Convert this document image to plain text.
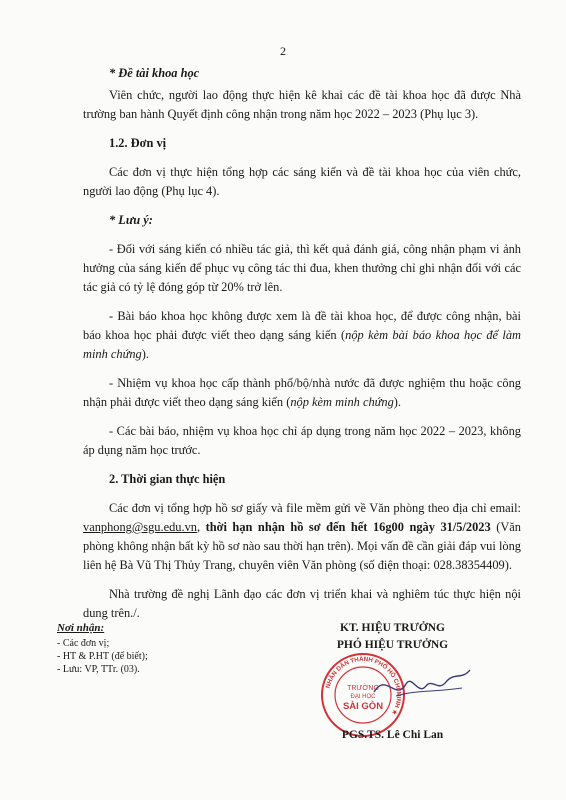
2

* Đề tài khoa học

Viên chức, người lao động thực hiện kê khai các đề tài khoa học đã được Nhà trường ban hành Quyết định công nhận trong năm học 2022 – 2023 (Phụ lục 3).

1.2. Đơn vị

Các đơn vị thực hiện tổng hợp các sáng kiến và đề tài khoa học của viên chức, người lao động (Phụ lục 4).

* Lưu ý:

- Đối với sáng kiến có nhiều tác giả, thì kết quả đánh giá, công nhận phạm vi ảnh hưởng của sáng kiến để phục vụ công tác thi đua, khen thưởng chỉ ghi nhận đối với các tác giả có tỷ lệ đóng góp từ 20% trở lên.

- Bài báo khoa học không được xem là đề tài khoa học, để được công nhận, bài báo khoa học phải được viết theo dạng sáng kiến (nộp kèm bài báo khoa học để làm minh chứng).

- Nhiệm vụ khoa học cấp thành phố/bộ/nhà nước đã được nghiệm thu hoặc công nhận phải được viết theo dạng sáng kiến (nộp kèm minh chứng).

- Các bài báo, nhiệm vụ khoa học chỉ áp dụng trong năm học 2022 – 2023, không áp dụng năm học trước.

2. Thời gian thực hiện

Các đơn vị tổng hợp hồ sơ giấy và file mềm gửi về Văn phòng theo địa chỉ email: vanphong@sgu.edu.vn, thời hạn nhận hồ sơ đến hết 16g00 ngày 31/5/2023 (Văn phòng không nhận bất kỳ hồ sơ nào sau thời hạn trên). Mọi vấn đề cần giải đáp vui lòng liên hệ Bà Vũ Thị Thủy Trang, chuyên viên Văn phòng (số điện thoại: 028.38354409).

Nhà trường đề nghị Lãnh đạo các đơn vị triển khai và nghiêm túc thực hiện nội dung trên./.

Nơi nhận:
- Các đơn vị;
- HT & P.HT (để biết);
- Lưu: VP, TTr. (03).
KT. HIỆU TRƯỞNG
PHÓ HIỆU TRƯỞNG
NHÂN DÂN THÀNH PHỐ HỒ CHÍ MINH ★
TRƯỜNG
ĐẠI HỌC
SÀI GÒN
PGS.TS. Lê Chi Lan
